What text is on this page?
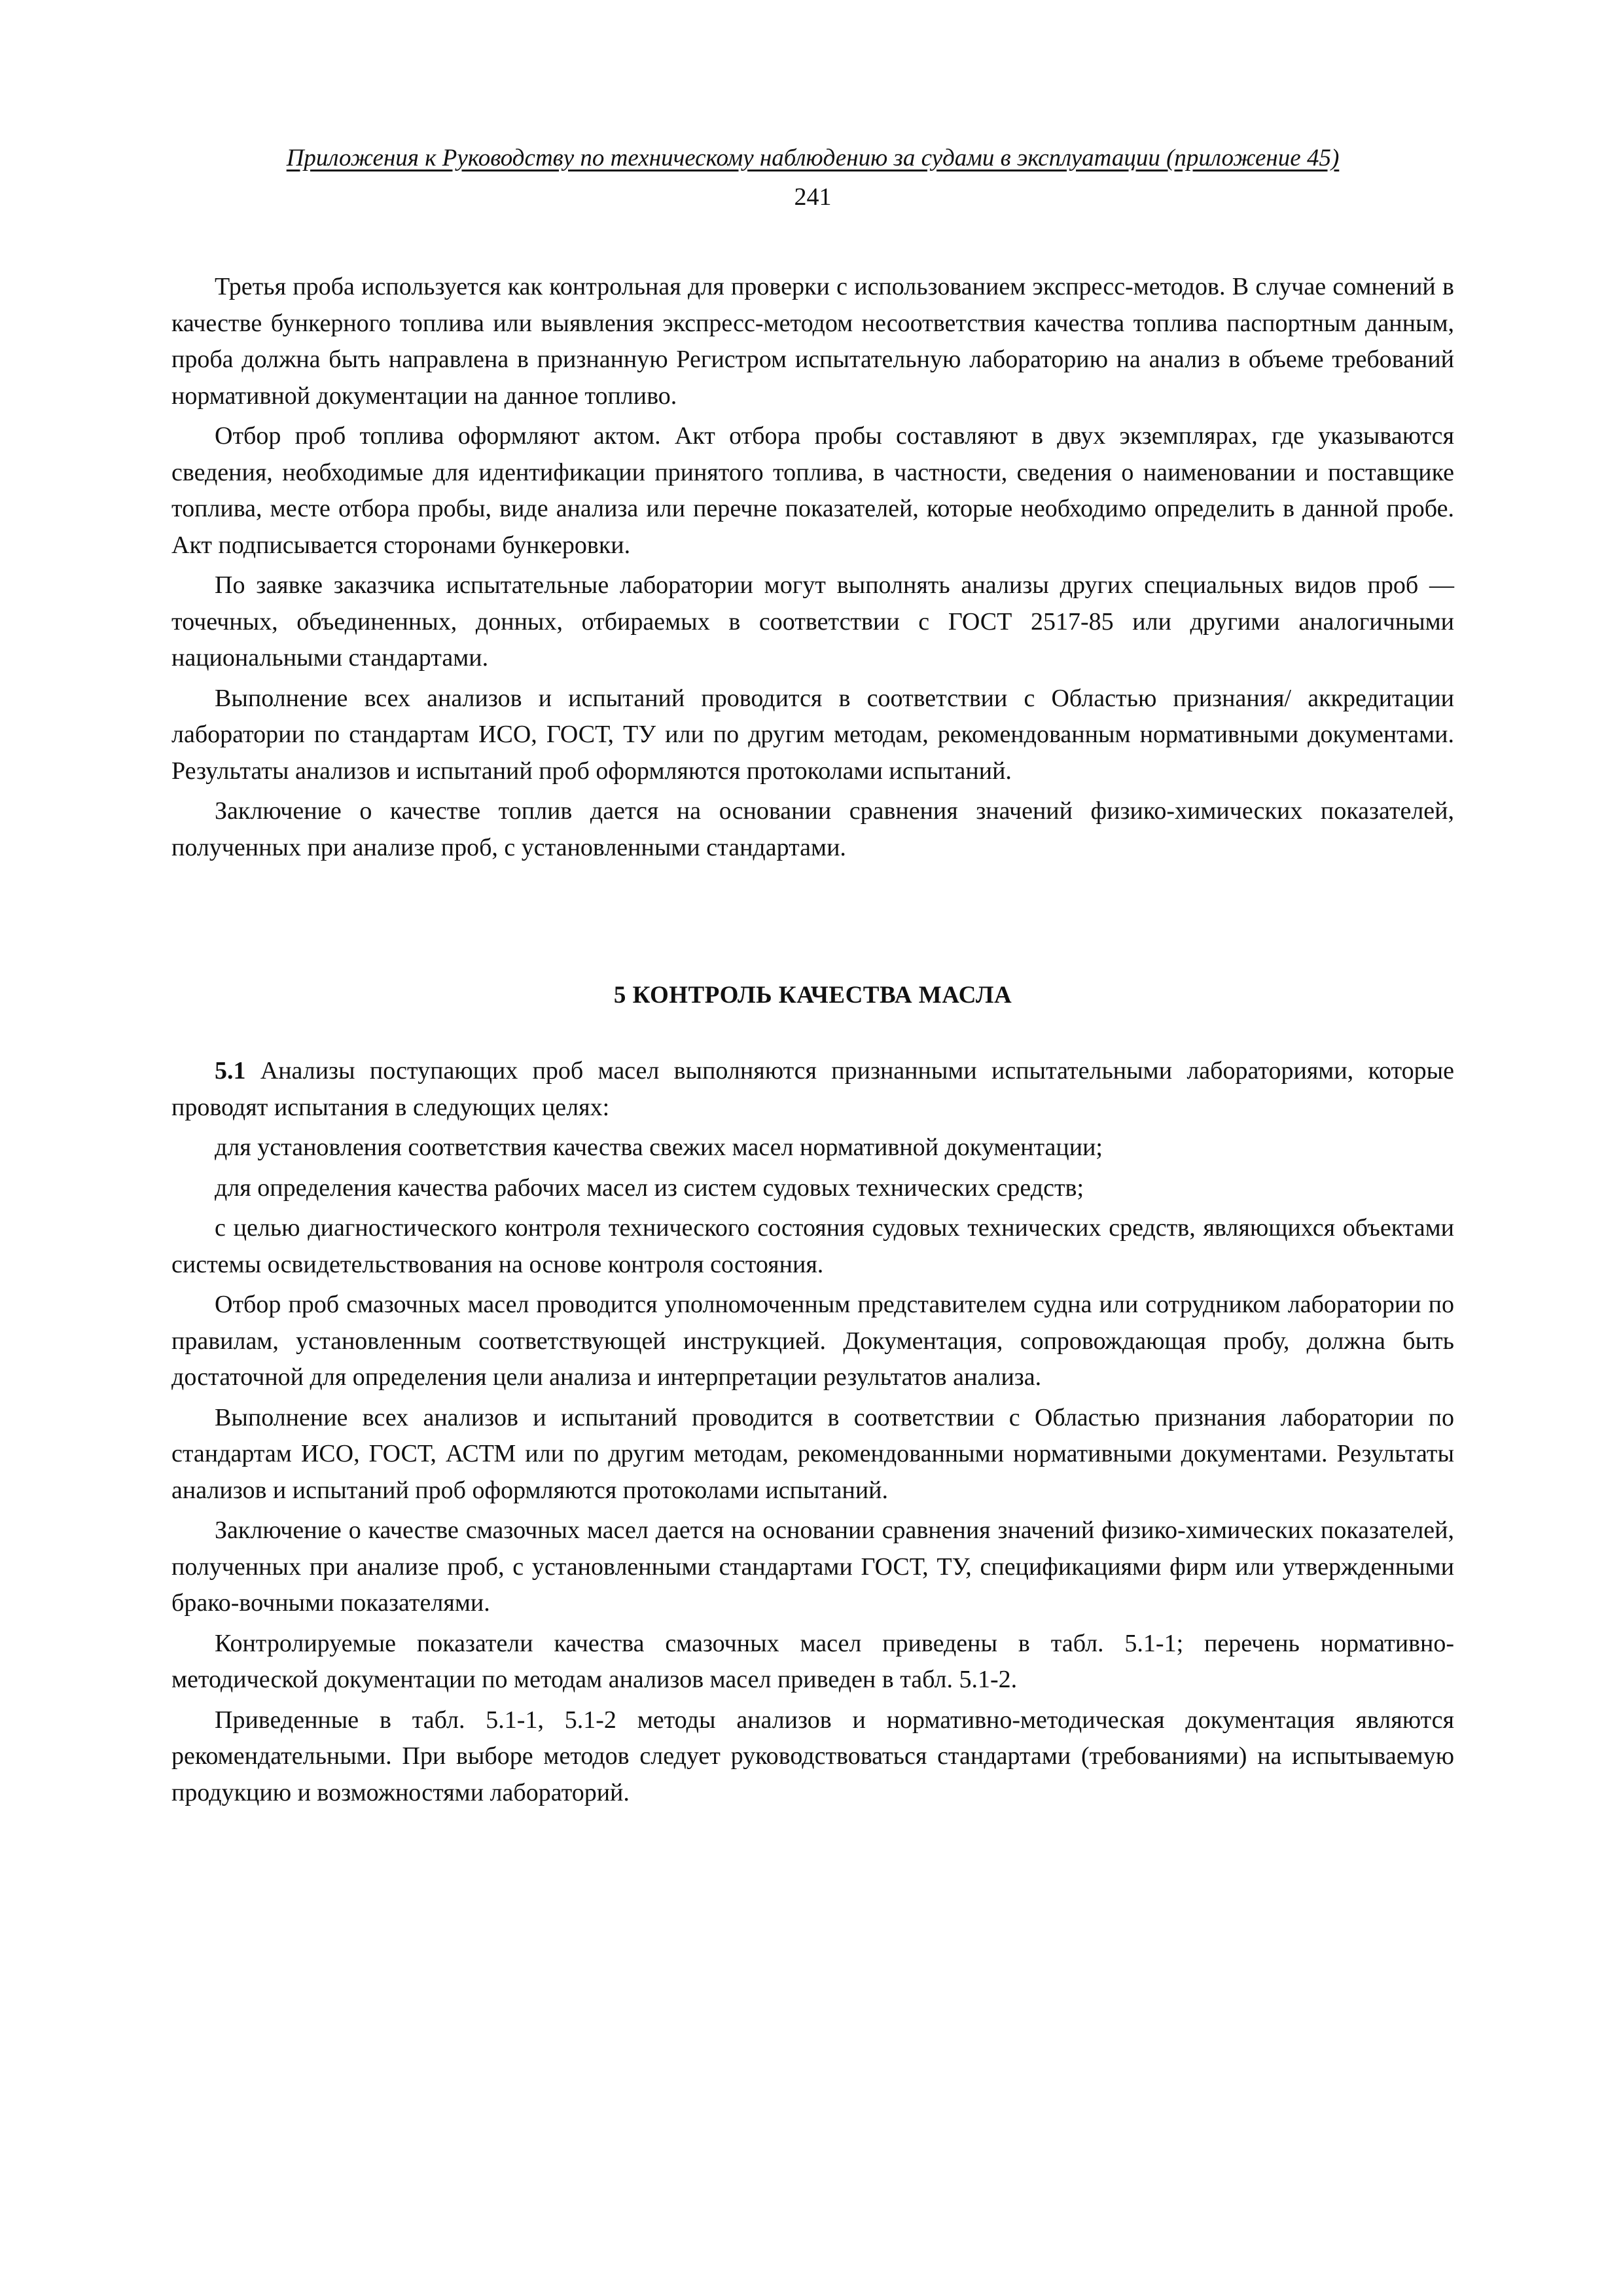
Приложения к Руководству по техническому наблюдению за судами в эксплуатации (приложение 45)
241

Третья проба используется как контрольная для проверки с использованием экспресс-методов. В случае сомнений в качестве бункерного топлива или выявления экспресс-методом несоответствия качества топлива паспортным данным, проба должна быть направлена в признанную Регистром испытательную лабораторию на анализ в объеме требований нормативной документации на данное топливо.

Отбор проб топлива оформляют актом. Акт отбора пробы составляют в двух экземплярах, где указываются сведения, необходимые для идентификации принятого топлива, в частности, сведения о наименовании и поставщике топлива, месте отбора пробы, виде анализа или перечне показателей, которые необходимо определить в данной пробе. Акт подписывается сторонами бункеровки.

По заявке заказчика испытательные лаборатории могут выполнять анализы других специальных видов проб — точечных, объединенных, донных, отбираемых в соответствии с ГОСТ 2517-85 или другими аналогичными национальными стандартами.

Выполнение всех анализов и испытаний проводится в соответствии с Областью признания/ аккредитации лаборатории по стандартам ИСО, ГОСТ, ТУ или по другим методам, рекомендованным нормативными документами. Результаты анализов и испытаний проб оформляются протоколами испытаний.

Заключение о качестве топлив дается на основании сравнения значений физико-химических показателей, полученных при анализе проб, с установленными стандартами.

5 КОНТРОЛЬ КАЧЕСТВА МАСЛА

5.1 Анализы поступающих проб масел выполняются признанными испытательными лабораториями, которые проводят испытания в следующих целях:

для установления соответствия качества свежих масел нормативной документации;

для определения качества рабочих масел из систем судовых технических средств;

с целью диагностического контроля технического состояния судовых технических средств, являющихся объектами системы освидетельствования на основе контроля состояния.

Отбор проб смазочных масел проводится уполномоченным представителем судна или сотрудником лаборатории по правилам, установленным соответствующей инструкцией. Документация, сопровождающая пробу, должна быть достаточной для определения цели анализа и интерпретации результатов анализа.

Выполнение всех анализов и испытаний проводится в соответствии с Областью признания лаборатории по стандартам ИСО, ГОСТ, АСТМ или по другим методам, рекомендованными нормативными документами. Результаты анализов и испытаний проб оформляются протоколами испытаний.

Заключение о качестве смазочных масел дается на основании сравнения значений физико-химических показателей, полученных при анализе проб, с установленными стандартами ГОСТ, ТУ, спецификациями фирм или утвержденными брако-вочными показателями.

Контролируемые показатели качества смазочных масел приведены в табл. 5.1-1; перечень нормативно-методической документации по методам анализов масел приведен в табл. 5.1-2.

Приведенные в табл. 5.1-1, 5.1-2 методы анализов и нормативно-методическая документация являются рекомендательными. При выборе методов следует руководствоваться стандартами (требованиями) на испытываемую продукцию и возможностями лабораторий.
